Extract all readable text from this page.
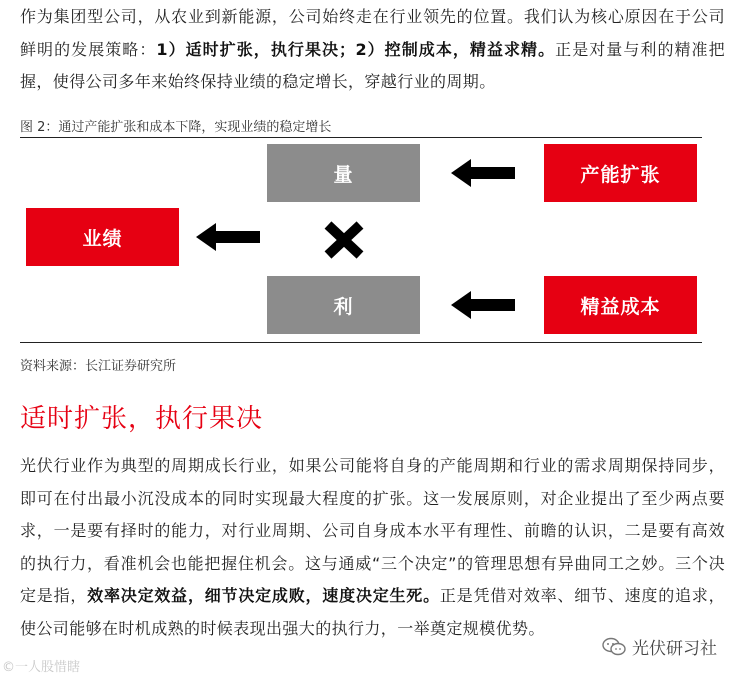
作为集团型公司，从农业到新能源，公司始终走在行业领先的位置。我们认为核心原因在于公司鲜明的发展策略：1）适时扩张，执行果决；2）控制成本，精益求精。正是对量与利的精准把握，使得公司多年来始终保持业绩的稳定增长，穿越行业的周期。

图 2：通过产能扩张和成本下降，实现业绩的稳定增长
量
利
业绩
产能扩张
精益成本
资料来源：长江证券研究所
适时扩张，执行果决

光伏行业作为典型的周期成长行业，如果公司能将自身的产能周期和行业的需求周期保持同步，即可在付出最小沉没成本的同时实现最大程度的扩张。这一发展原则，对企业提出了至少两点要求，一是要有择时的能力，对行业周期、公司自身成本水平有理性、前瞻的认识，二是要有高效的执行力，看准机会也能把握住机会。这与通威“三个决定”的管理思想有异曲同工之妙。三个决定是指，效率决定效益，细节决定成败，速度决定生死。正是凭借对效率、细节、速度的追求，使公司能够在时机成熟的时候表现出强大的执行力，一举奠定规模优势。

©一人股惜瞎
光伏研习社
